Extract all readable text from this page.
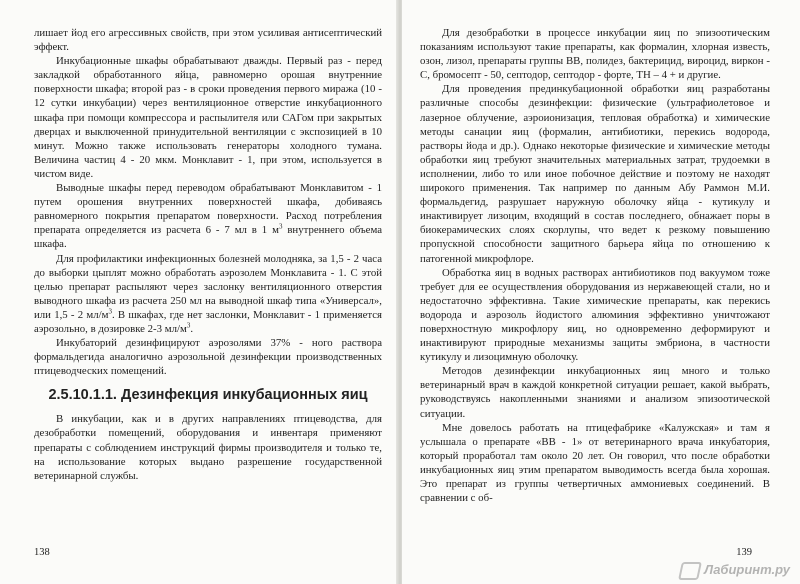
лишает йод его агрессивных свойств, при этом усиливая антисептический эффект.

Инкубационные шкафы обрабатывают дважды. Первый раз - перед закладкой обработанного яйца, равномерно орошая внутренние поверхности шкафа; второй раз - в сроки проведения первого миража (10 - 12 сутки инкубации) через вентиляционное отверстие инкубационного шкафа при помощи компрессора и распылителя или САГом при закрытых дверцах и выключенной принудительной вентиляции с экспозицией в 10 минут. Можно также использовать генераторы холодного тумана. Величина частиц 4 - 20 мкм. Монклавит - 1, при этом, используется в чистом виде.

Выводные шкафы перед переводом обрабатывают Монклавитом - 1 путем орошения внутренних поверхностей шкафа, добиваясь равномерного покрытия препаратом поверхности. Расход потребления препарата определяется из расчета 6 - 7 мл в 1 $м^3$ внутреннего объема шкафа.

Для профилактики инфекционных болезней молодняка, за 1,5 - 2 часа до выборки цыплят можно обработать аэрозолем Монклавита - 1. С этой целью препарат распыляют через заслонку вентиляционного отверстия выводного шкафа из расчета 250 мл на выводной шкаф типа «Универсал», или 1,5 - 2 $мл/м^3$. В шкафах, где нет заслонки, Монклавит - 1 применяется аэрозольно, в дозировке 2-3 $мл/м^3$.

Инкубаторий дезинфицируют аэрозолями 37% - ного раствора формальдегида аналогично аэрозольной дезинфекции производственных птицеводческих помещений.

2.5.10.1.1. Дезинфекция инкубационных яиц

В инкубации, как и в других направлениях птицеводства, для дезобработки помещений, оборудования и инвентаря применяют препараты с соблюдением инструкций фирмы производителя и только те, на использование которых выдано разрешение государственной ветеринарной службы.

138

Для дезобработки в процессе инкубации яиц по эпизоотическим показаниям используют такие препараты, как формалин, хлорная известь, озон, лизол, препараты группы ВВ, полидез, бактерицид, вироцид, виркон - С, бромосепт - 50, септодор, септодор - форте, ТН – 4 + и другие.

Для проведения прединкубационной обработки яиц разработаны различные способы дезинфекции: физические (ультрафиолетовое и лазерное облучение, аэроионизация, тепловая обработка) и химические методы санации яиц (формалин, антибиотики, перекись водорода, растворы йода и др.). Однако некоторые физические и химические методы обработки яиц требуют значительных материальных затрат, трудоемки в исполнении, либо то или иное побочное действие и поэтому не находят широкого применения. Так например по данным Абу Раммон М.И. формальдегид, разрушает наружную оболочку яйца - кутикулу и инактивирует лизоцим, входящий в состав последнего, обнажает поры в биокерамических слоях скорлупы, что ведет к резкому повышению пропускной способности защитного барьера яйца по отношению к патогенной микрофлоре.

Обработка яиц в водных растворах антибиотиков под вакуумом тоже требует для ее осуществления оборудования из нержавеющей стали, но и недостаточно эффективна. Такие химические препараты, как перекись водорода и аэрозоль йодистого алюминия эффективно уничтожают поверхностную микрофлору яиц, но одновременно деформируют и инактивируют природные механизмы защиты эмбриона, в частности кутикулу и лизоцимную оболочку.

Методов дезинфекции инкубационных яиц много и только ветеринарный врач в каждой конкретной ситуации решает, какой выбрать, руководствуясь накопленными знаниями и анализом эпизоотической ситуации.

Мне довелось работать на птицефабрике «Калужская» и там я услышала о препарате «ВВ - 1» от ветеринарного врача инкубатория, который проработал там около 20 лет. Он говорил, что после обработки инкубационных яиц этим препаратом выводимость всегда была хорошая. Это препарат из группы четвертичных аммониевых соединений. В сравнении с об-

139
Лабиринт.ру
